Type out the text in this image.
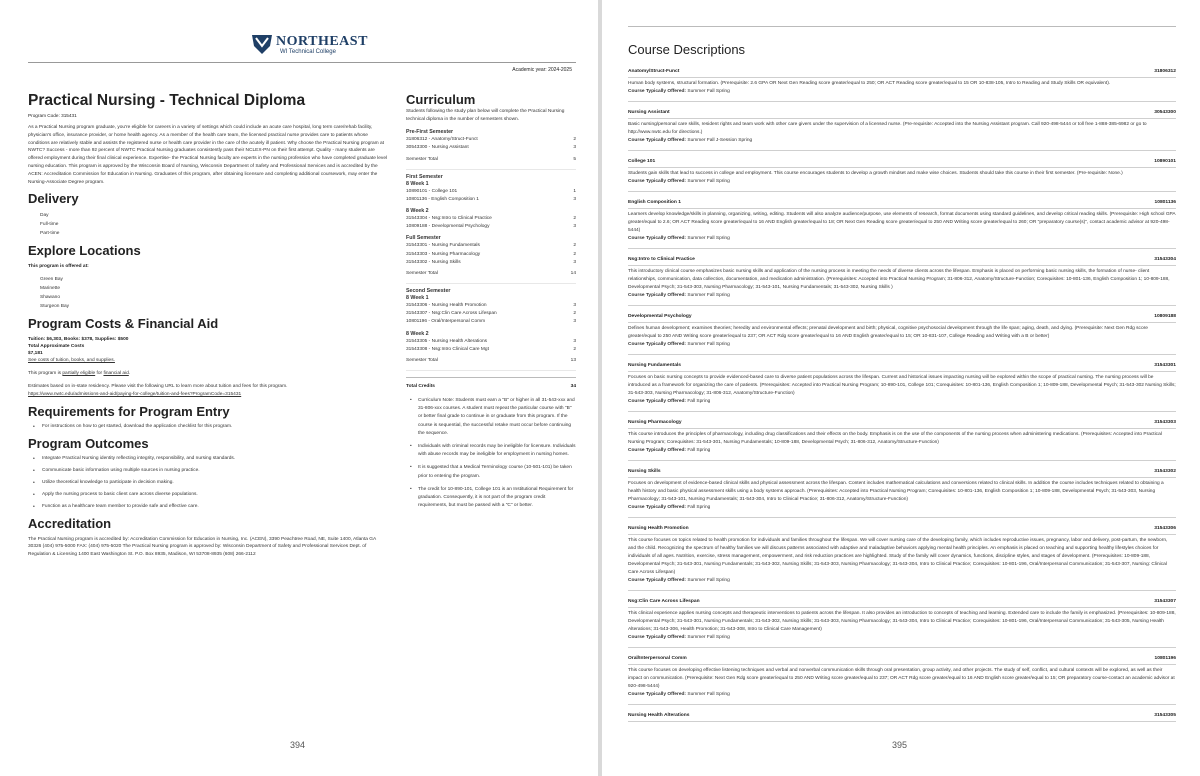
NORTHEAST
WI Technical College
Academic year: 2024-2025
Practical Nursing - Technical Diploma
Program Code: 315431

As a Practical Nursing program graduate, you're eligible for careers in a variety of settings which could include an acute care hospital, long term care/rehab facility, physician's office, insurance provider, or home health agency. As a member of the health care team, the licensed practical nurse provides care to patients whose conditions are relatively stable and assists the registered nurse or health care provider in the care of the acutely ill patient. Why choose the Practical Nursing program at NWTC? Success - more than 92 percent of NWTC Practical Nursing graduates consistently pass their NCLEX-PN on their first attempt. Quality - many students are offered employment during their final clinical experience. Expertise- the Practical Nursing faculty are experts in the nursing profession who have completed graduate level nursing education. This program is approved by the Wisconsin Board of Nursing, Wisconsin Department of Safety and Professional Services and is accredited by the ACEN: Accreditation Commission for Education in Nursing. Graduates of this program, after obtaining licensure and completing additional coursework, may enter the Nursing-Associate Degree program.

Delivery
Day
Full-time
Part-time
Explore Locations
This program is offered at:
Green Bay
Marinette
Shawano
Sturgeon Bay
Program Costs & Financial Aid
Tuition: $6,303, Books: $378, Supplies: $500
Total Approximate Costs
$7,181
See costs of tuition, books, and supplies.
This program is partially eligible for financial aid.
Estimates based on in-state residency. Please visit the following URL to learn more about tuition and fees for this program.
https://www.nwtc.edu/admissions-and-aid/paying-for-college/tuition-and-fees?ProgramCode=315431
Requirements for Program Entry
• For instructions on how to get started, download the application checklist for this program.
Program Outcomes
• Integrate Practical Nursing identity reflecting integrity, responsibility, and nursing standards.
• Communicate basic information using multiple sources in nursing practice.
• Utilize theoretical knowledge to participate in decision making.
• Apply the nursing process to basic client care across diverse populations.
• Function as a healthcare team member to provide safe and effective care.
Accreditation

The Practical Nursing program is accredited by: Accreditation Commission for Education in Nursing, Inc. (ACEN), 3390 Peachtree Road, NE, Suite 1400, Atlanta GA 30326 (404) 975-5000 FAX: (404) 975-5020 The Practical Nursing program is approved by: Wisconsin Department of Safety and Professional Services Dept. of Regulation & Licensing 1400 East Washington St. P.O. Box 8935, Madison, WI 53708-8935 (608) 266-2112

Curriculum

Students following the study plan below will complete the Practical Nursing technical diploma in the number of semesters shown.

Pre-First Semester
31806312 - Anatomy/Struct-Funct	2
30543300 - Nursing Assistant	3
Semester Total	5
First Semester
8 Week 1
10890101 - College 101	1
10801136 - English Composition 1	3
8 Week 2
31543304 - Nsg:Intro to Clinical Practice	2
10809188 - Developmental Psychology	3
Full Semester
31543301 - Nursing Fundamentals	2
31543303 - Nursing Pharmacology	2
31543302 - Nursing Skills	3
Semester Total	14
Second Semester
8 Week 1
31543306 - Nursing Health Promotion	3
31543307 - Nsg:Clin Care Across Lifespan	2
10801196 - Oral/Interpersonal Comm	3
8 Week 2
31543305 - Nursing Health Alterations	3
31543308 - Nsg:Intro Clinical Care Mgt	2
Semester Total	13
Total Credits	34
• Curriculum Note: Students must earn a "B" or higher in all 31-543-xxx and 31-806-xxx courses. A student must repeat the particular course with "B" or better final grade to continue in or graduate from this program. If the course is sequential, the successful retake must occur before continuing the sequence.
• Individuals with criminal records may be ineligible for licensure. Individuals with abuse records may be ineligible for employment in nursing homes.
• It is suggested that a Medical Terminology course (10-501-101) be taken prior to entering the program.
• The credit for 10-890-101, College 101 is an Institutional Requirement for graduation. Consequently, it is not part of the program credit requirements, but must be passed with a "C" or better.
394
Course Descriptions
Anatomy/Struct-Funct	31806312
Human body systems, structural formation. (Prerequisite: 2.6 GPA OR Next Gen Reading score greater/equal to 250; OR ACT Reading score greater/equal to 15 OR 10-838-105, Intro to Reading and Study Skills OR equivalent).
Course Typically Offered: Summer Fall Spring
Nursing Assistant	30543300
Basic nursing/personal care skills, resident rights and team work with other care givers under the supervision of a licensed nurse. (Pre-requisite: Accepted into the Nursing Assistant program. Call 920-498-5444 or toll free 1-888-385-6982 or go to http://www.nwtc.edu for directions.)
Course Typically Offered: Summer Fall J-Session Spring
College 101	10890101
Students gain skills that lead to success in college and employment. This course encourages students to develop a growth mindset and make wise choices. Students should take this course in their first semester. (Pre-requisite: None.)
Course Typically Offered: Summer Fall Spring
English Composition 1	10801136
Learners develop knowledge/skills in planning, organizing, writing, editing. Students will also analyze audience/purpose, use elements of research, format documents using standard guidelines, and develop critical reading skills. (Prerequisite: High school GPA greater/equal to 2.6; OR ACT Reading score greater/equal to 16 AND English greater/equal to 18; OR Next Gen Reading score greater/equal to 250 AND Writing score greater/equal to 260; OR "preparatory course(s)", contact academic advisor at 920-498-5444)
Course Typically Offered: Summer Fall Spring
Nsg:Intro to Clinical Practice	31543304
This introductory clinical course emphasizes basic nursing skills and application of the nursing process in meeting the needs of diverse clients across the lifespan. Emphasis is placed on performing basic nursing skills, the formation of nurse- client relationships, communication, data collection, documentation, and medication administration. (Prerequisites: Accepted into Practical Nursing Program; 31-806-312, Anatomy/Structure-Function; Corequisites: 10-801-136, English Composition 1; 10-809-188, Developmental Psych; 31-543-303, Nursing Pharmacology; 31-543-101, Nursing Fundamentals; 31-543-302, Nursing Skills )
Course Typically Offered: Summer Fall Spring
Developmental Psychology	10809188
Defines human development; examines theories; heredity and environmental effects; prenatal development and birth; physical, cognitive psychosocial development through the life span; aging, death, and dying. (Prerequisite: Next Gen Rdg score greater/equal to 250 AND Writing score greater/equal to 237; OR ACT Rdg score greater/equal to 16 AND English greater/equal to 15; OR 10-831-107, College Reading and Writing with a B or better)
Course Typically Offered: Summer Fall Spring
Nursing Fundamentals	31543301
Focuses on basic nursing concepts to provide evidenced-based care to diverse patient populations across the lifespan. Current and historical issues impacting nursing will be explored within the scope of practical nursing. The nursing process will be introduced as a framework for organizing the care of patients. (Prerequisites: Accepted into Practical Nursing Program; 10-890-101, College 101; Corequisites: 10-801-136, English Composition 1; 10-809-188, Developmental Psych; 31-543-302 Nursing Skills; 31-543-303, Nursing Pharmacology; 31-806-312, Anatomy/Structure-Function)
Course Typically Offered: Fall Spring
Nursing Pharmacology	31543303
This course introduces the principles of pharmacology, including drug classifications and their effects on the body. Emphasis is on the use of the components of the nursing process when administering medications. (Prerequisites: Accepted into Practical Nursing Program; Corequisites: 31-543-301, Nursing Fundamentals; 10-809-188, Developmental Psych; 31-806-312, Anatomy/Structure-Function)
Course Typically Offered: Fall Spring
Nursing Skills	31543302
Focuses on development of evidence-based clinical skills and physical assessment across the lifespan. Content includes mathematical calculations and conversions related to clinical skills. In addition the course includes techniques related to obtaining a health history and basic physical assessment skills using a body systems approach. (Prerequisites: Accepted into Practical Nursing Program; Corequisites: 10-801-136, English Composition 1; 10-809-188, Developmental Psych; 31-543-303, Nursing Pharmacology; 31-543-101, Nursing Fundamentals; 31-543-304, Intro to Clinical Practice; 31-806-312, Anatomy/Structure-Function)
Course Typically Offered: Fall Spring
Nursing Health Promotion	31543306
This course focuses on topics related to health promotion for individuals and families throughout the lifespan. We will cover nursing care of the developing family, which includes reproductive issues, pregnancy, labor and delivery, post-partum, the newborn, and the child. Recognizing the spectrum of healthy families we will discuss patterns associated with adaptive and maladaptive behaviors applying mental health principles. An emphasis is placed on teaching and supporting healthy lifestyles choices for individuals of all ages. Nutrition, exercise, stress management, empowerment, and risk reduction practices are highlighted. Study of the family will cover dynamics, functions, discipline styles, and stages of development. (Prerequisites: 10-809-188, Developmental Psych; 31-543-301, Nursing Fundamentals; 31-543-302, Nursing Skills; 31-543-303, Nursing Pharmacology; 31-543-304, Intro to Clinical Practice; Corequisites: 10-801-196, Oral/Interpersonal Communication; 31-543-307, Nursing: Clinical Care Across Lifespan)
Course Typically Offered: Summer Fall Spring
Nsg:Clin Care Across Lifespan	31543307
This clinical experience applies nursing concepts and therapeutic interventions to patients across the lifespan. It also provides an introduction to concepts of teaching and learning. Extended care to include the family is emphasized. (Prerequisites: 10-809-188, Developmental Psych; 31-543-301, Nursing Fundamentals; 31-543-302, Nursing Skills; 31-543-303, Nursing Pharmacology; 31-543-304, Intro to Clinical Practice; Corequisites: 10-801-196, Oral/Interpersonal Communication; 31-543-305, Nursing Health Alterations; 31-543-306, Health Promotion; 31-543-308, Intro to Clinical Care Management)
Course Typically Offered: Summer Fall Spring
Oral/Interpersonal Comm	10801196
This course focuses on developing effective listening techniques and verbal and nonverbal communication skills through oral presentation, group activity, and other projects. The study of self, conflict, and cultural contexts will be explored, as well as their impact on communication. (Prerequisite: Next Gen Rdg score greater/equal to 250 AND Writing score greater/equal to 237; OR ACT Rdg score greater/equal to 16 AND English score greater/equal to 15; OR preparatory course-contact an academic advisor at 920-498-5444)
Course Typically Offered: Summer Fall Spring
Nursing Health Alterations	31543305
395
